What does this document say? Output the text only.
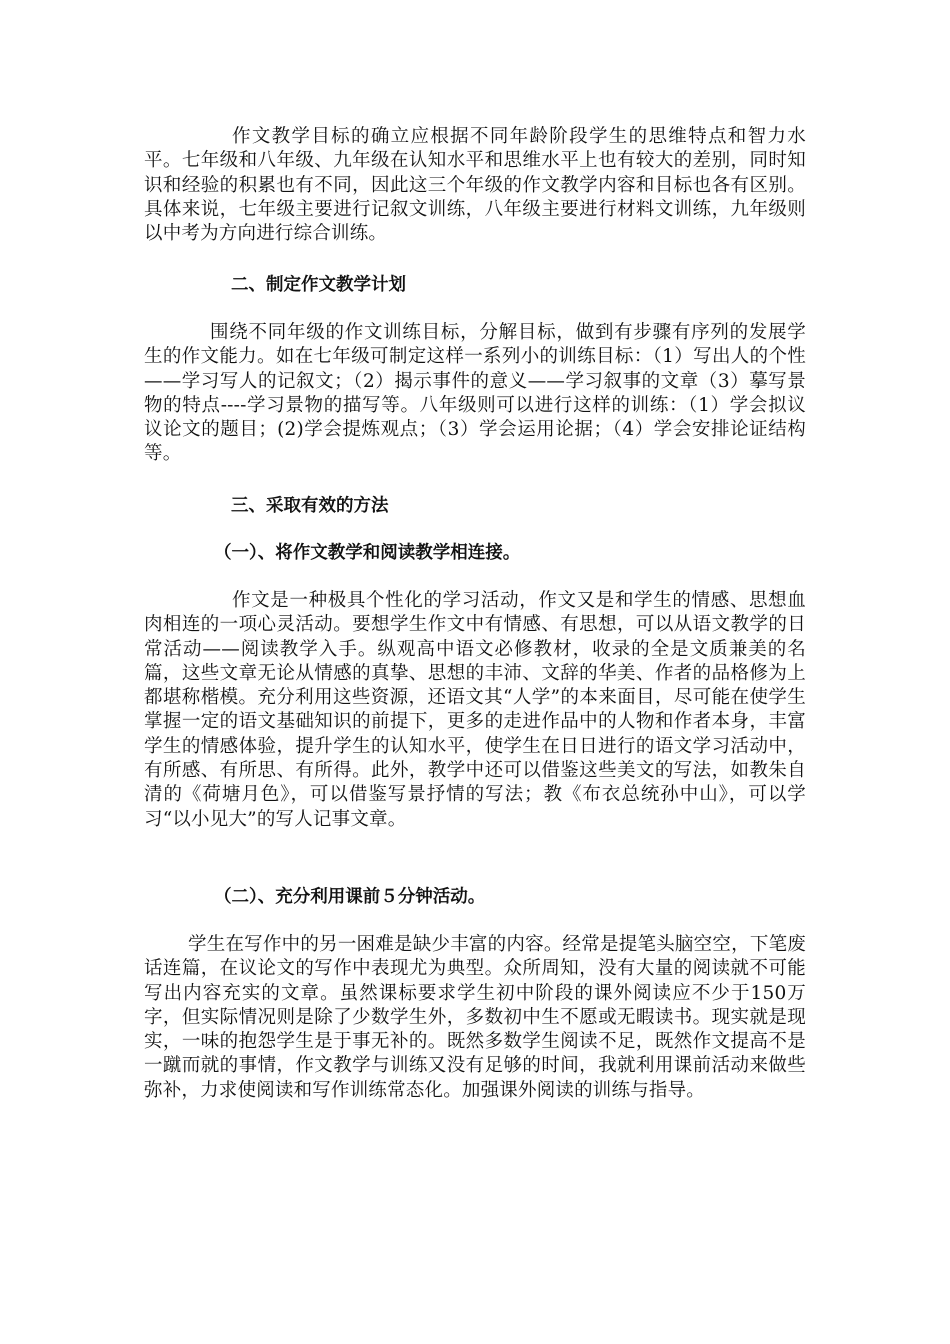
作文教学目标的确立应根据不同年龄阶段学生的思维特点和智力水平。七年级和八年级、九年级在认知水平和思维水平上也有较大的差别，同时知识和经验的积累也有不同，因此这三个年级的作文教学内容和目标也各有区别。具体来说，七年级主要进行记叙文训练，八年级主要进行材料文训练，九年级则以中考为方向进行综合训练。

二、制定作文教学计划

围绕不同年级的作文训练目标，分解目标，做到有步骤有序列的发展学生的作文能力。如在七年级可制定这样一系列小的训练目标：（1）写出人的个性——学习写人的记叙文；（2）揭示事件的意义——学习叙事的文章（3）摹写景物的特点----学习景物的描写等。八年级则可以进行这样的训练：（1）学会拟议议论文的题目；(2)学会提炼观点；（3）学会运用论据；（4）学会安排论证结构等。

三、采取有效的方法

（一）、将作文教学和阅读教学相连接。

作文是一种极具个性化的学习活动，作文又是和学生的情感、思想血肉相连的一项心灵活动。要想学生作文中有情感、有思想，可以从语文教学的日常活动——阅读教学入手。纵观高中语文必修教材，收录的全是文质兼美的名篇，这些文章无论从情感的真挚、思想的丰沛、文辞的华美、作者的品格修为上都堪称楷模。充分利用这些资源，还语文其“人学”的本来面目，尽可能在使学生掌握一定的语文基础知识的前提下，更多的走进作品中的人物和作者本身，丰富学生的情感体验，提升学生的认知水平，使学生在日日进行的语文学习活动中，有所感、有所思、有所得。此外，教学中还可以借鉴这些美文的写法，如教朱自清的《荷塘月色》，可以借鉴写景抒情的写法；教《布衣总统孙中山》，可以学习“以小见大”的写人记事文章。

（二）、充分利用课前５分钟活动。

学生在写作中的另一困难是缺少丰富的内容。经常是提笔头脑空空，下笔废话连篇，在议论文的写作中表现尤为典型。众所周知，没有大量的阅读就不可能写出内容充实的文章。虽然课标要求学生初中阶段的课外阅读应不少于150万字，但实际情况则是除了少数学生外，多数初中生不愿或无暇读书。现实就是现实，一味的抱怨学生是于事无补的。既然多数学生阅读不足，既然作文提高不是一蹴而就的事情，作文教学与训练又没有足够的时间，我就利用课前活动来做些弥补，力求使阅读和写作训练常态化。加强课外阅读的训练与指导。
